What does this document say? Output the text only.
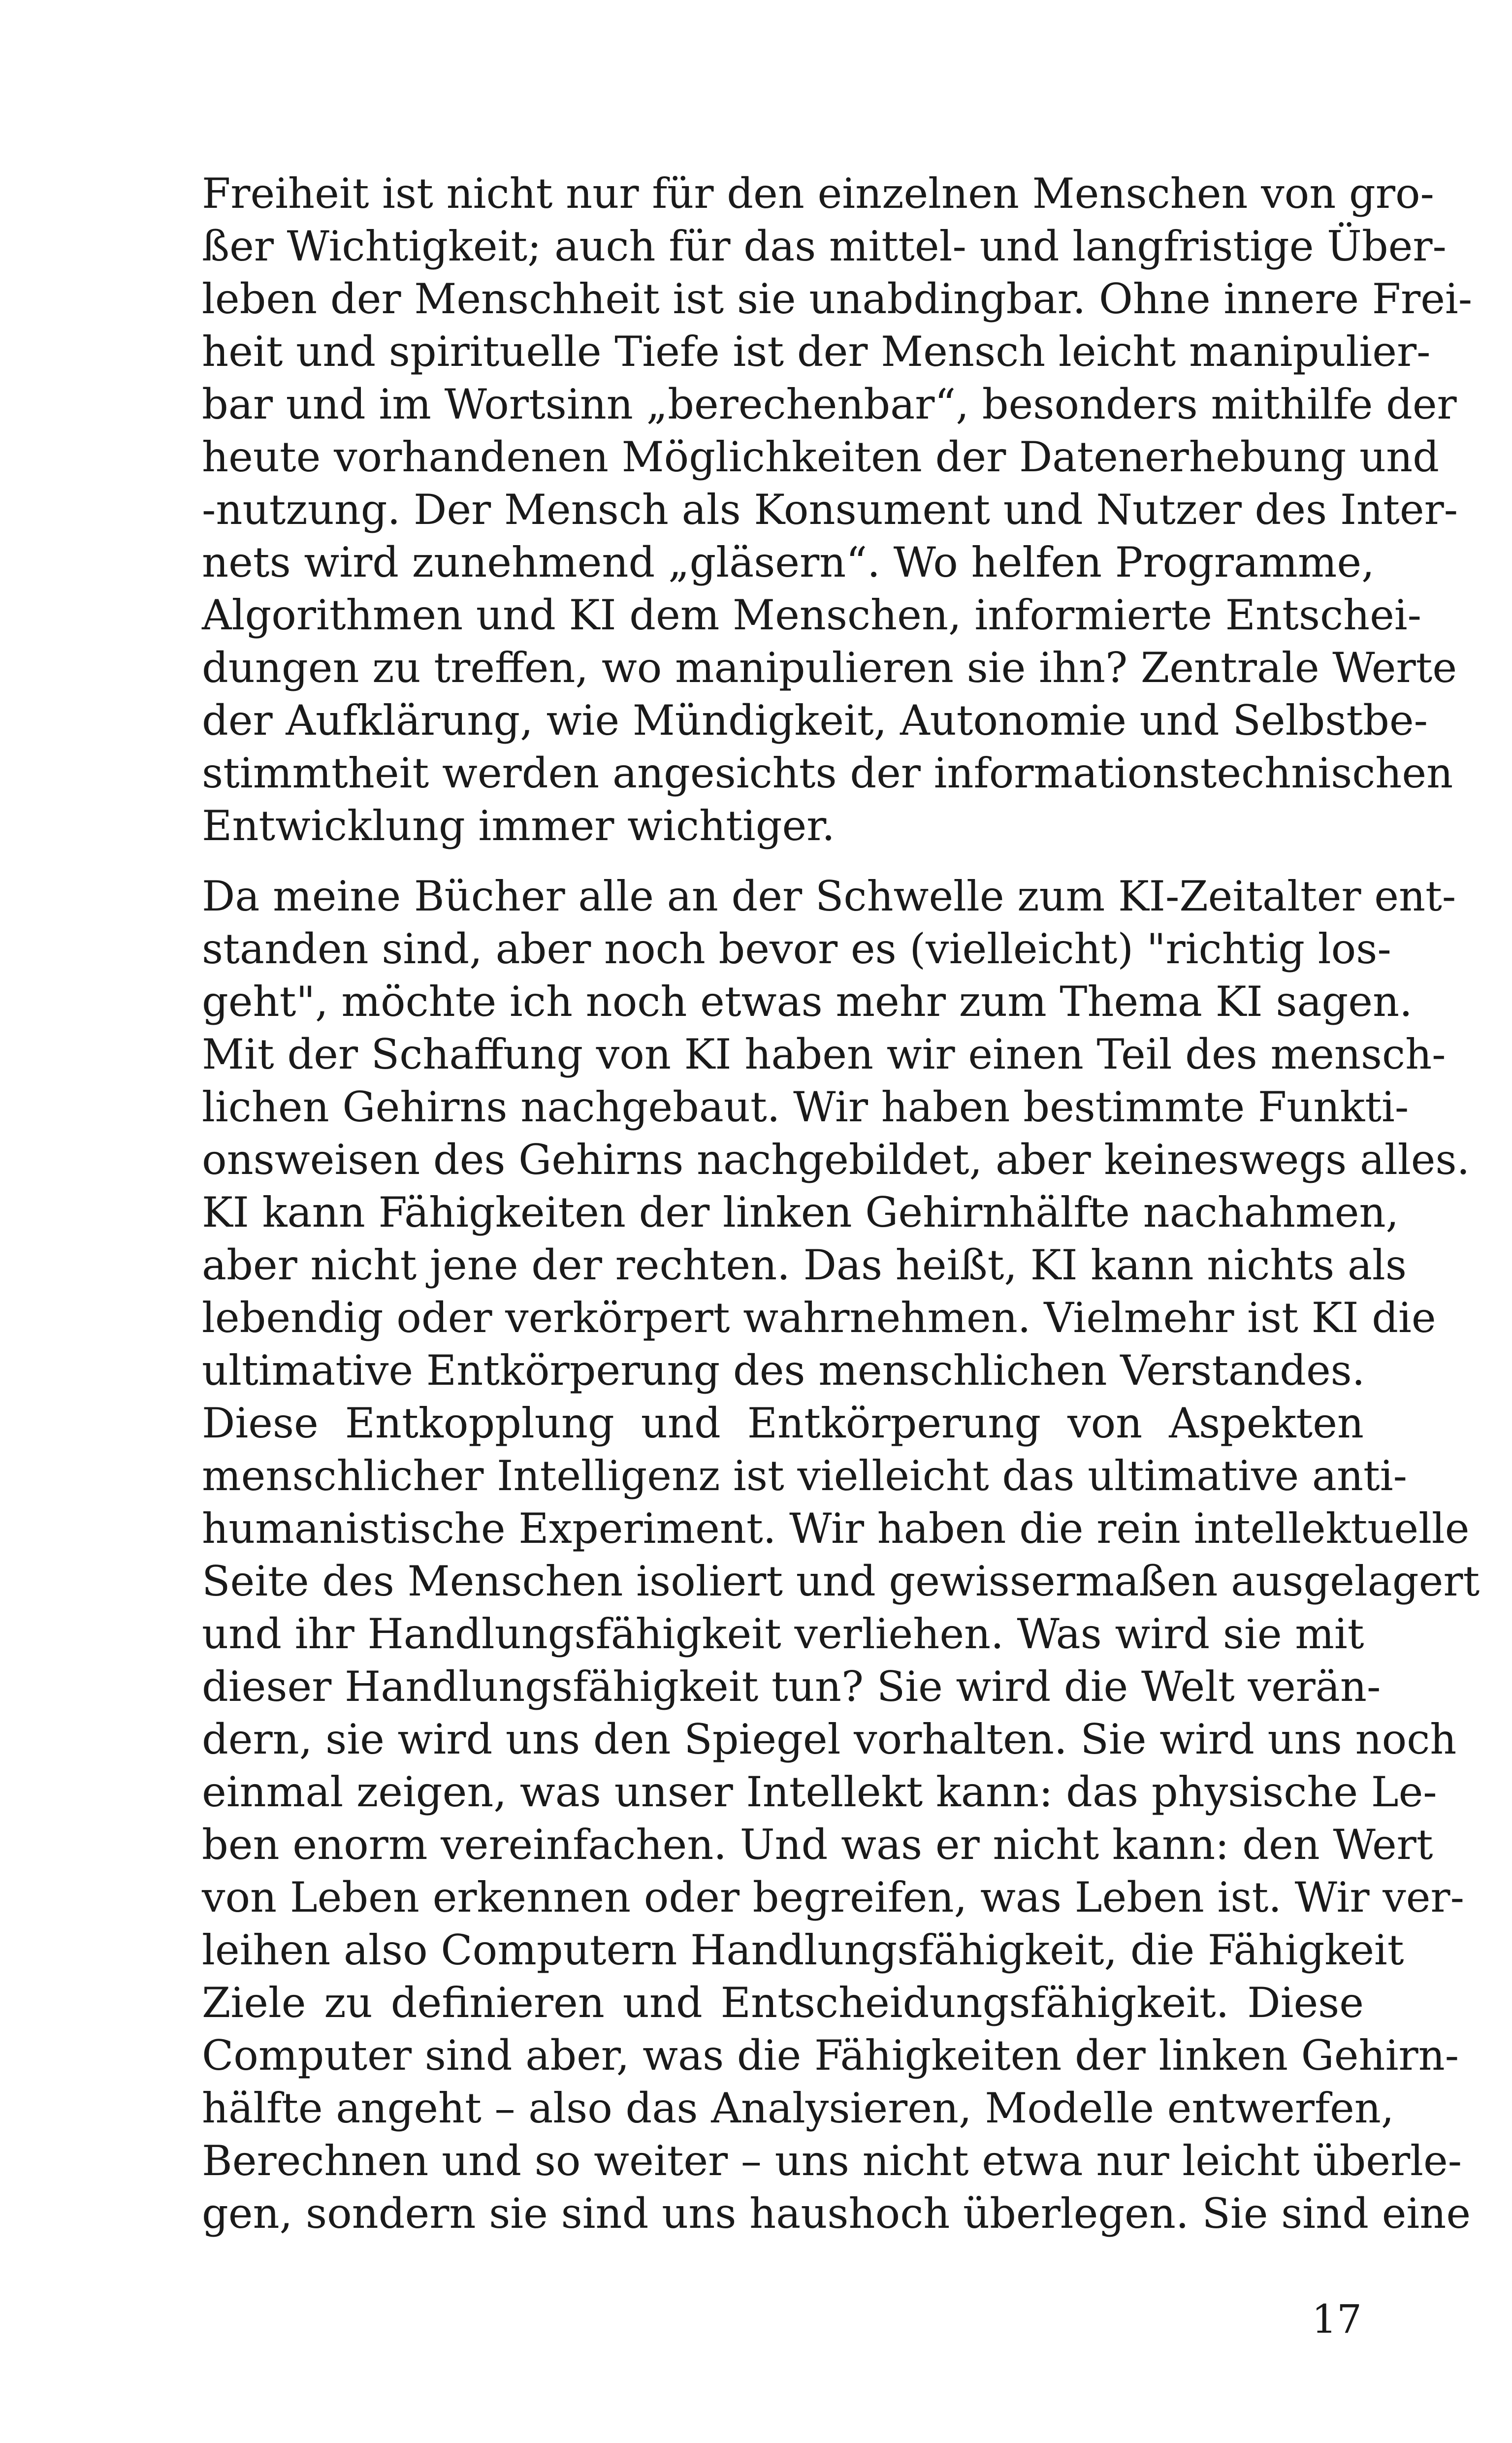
Freiheit ist nicht nur für den einzelnen Menschen von gro-
ßer Wichtigkeit; auch für das mittel- und langfristige Über-
leben der Menschheit ist sie unabdingbar. Ohne innere Frei-
heit und spirituelle Tiefe ist der Mensch leicht manipulier-
bar und im Wortsinn „berechenbar“, besonders mithilfe der
heute vorhandenen Möglichkeiten der Datenerhebung und
-nutzung. Der Mensch als Konsument und Nutzer des Inter-
nets wird zunehmend „gläsern“. Wo helfen Programme,
Algorithmen und KI dem Menschen, informierte Entschei-
dungen zu treffen, wo manipulieren sie ihn? Zentrale Werte
der Aufklärung, wie Mündigkeit, Autonomie und Selbstbe-
stimmtheit werden angesichts der informationstechnischen
Entwicklung immer wichtiger.
Da meine Bücher alle an der Schwelle zum KI-Zeitalter ent-
standen sind, aber noch bevor es (vielleicht) "richtig los-
geht", möchte ich noch etwas mehr zum Thema KI sagen.
Mit der Schaffung von KI haben wir einen Teil des mensch-
lichen Gehirns nachgebaut. Wir haben bestimmte Funkti-
onsweisen des Gehirns nachgebildet, aber keineswegs alles.
KI kann Fähigkeiten der linken Gehirnhälfte nachahmen,
aber nicht jene der rechten. Das heißt, KI kann nichts als
lebendig oder verkörpert wahrnehmen. Vielmehr ist KI die
ultimative Entkörperung des menschlichen Verstandes.
Diese Entkopplung und Entkörperung von Aspekten
menschlicher Intelligenz ist vielleicht das ultimative anti-
humanistische Experiment. Wir haben die rein intellektuelle
Seite des Menschen isoliert und gewissermaßen ausgelagert
und ihr Handlungsfähigkeit verliehen. Was wird sie mit
dieser Handlungsfähigkeit tun? Sie wird die Welt verän-
dern, sie wird uns den Spiegel vorhalten. Sie wird uns noch
einmal zeigen, was unser Intellekt kann: das physische Le-
ben enorm vereinfachen. Und was er nicht kann: den Wert
von Leben erkennen oder begreifen, was Leben ist. Wir ver-
leihen also Computern Handlungsfähigkeit, die Fähigkeit
Ziele zu definieren und Entscheidungsfähigkeit. Diese
Computer sind aber, was die Fähigkeiten der linken Gehirn-
hälfte angeht – also das Analysieren, Modelle entwerfen,
Berechnen und so weiter – uns nicht etwa nur leicht überle-
gen, sondern sie sind uns haushoch überlegen. Sie sind eine
17
